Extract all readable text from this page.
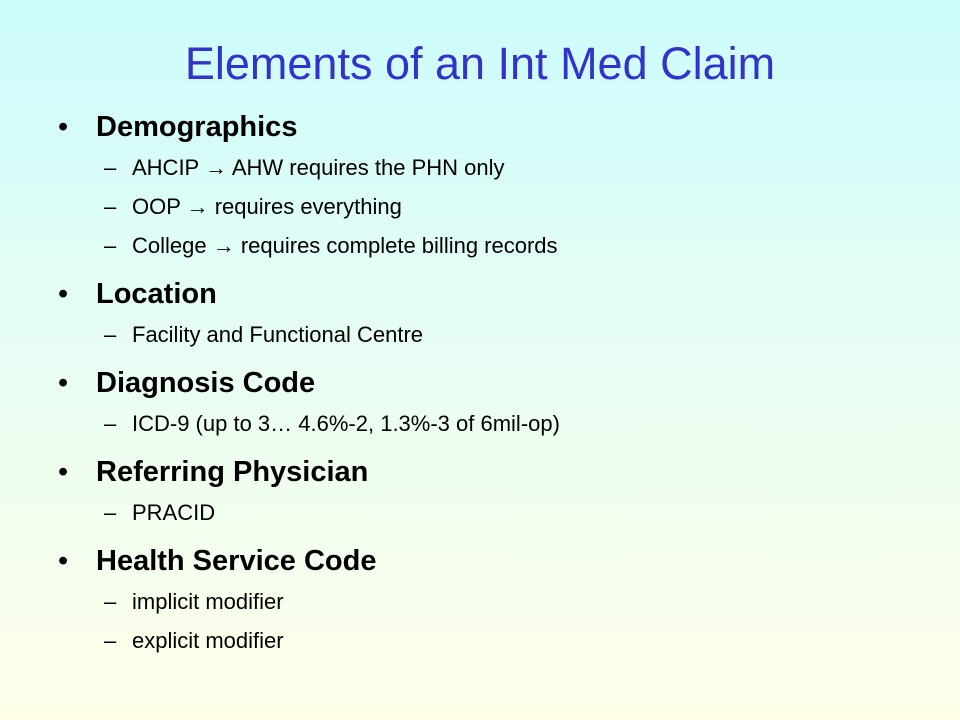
Elements of an Int Med Claim
• Demographics
– AHCIP → AHW requires the PHN only
– OOP → requires everything
– College → requires complete billing records
• Location
– Facility and Functional Centre
• Diagnosis Code
– ICD-9 (up to 3… 4.6%-2, 1.3%-3 of 6mil-op)
• Referring Physician
– PRACID
• Health Service Code
– implicit modifier
– explicit modifier
